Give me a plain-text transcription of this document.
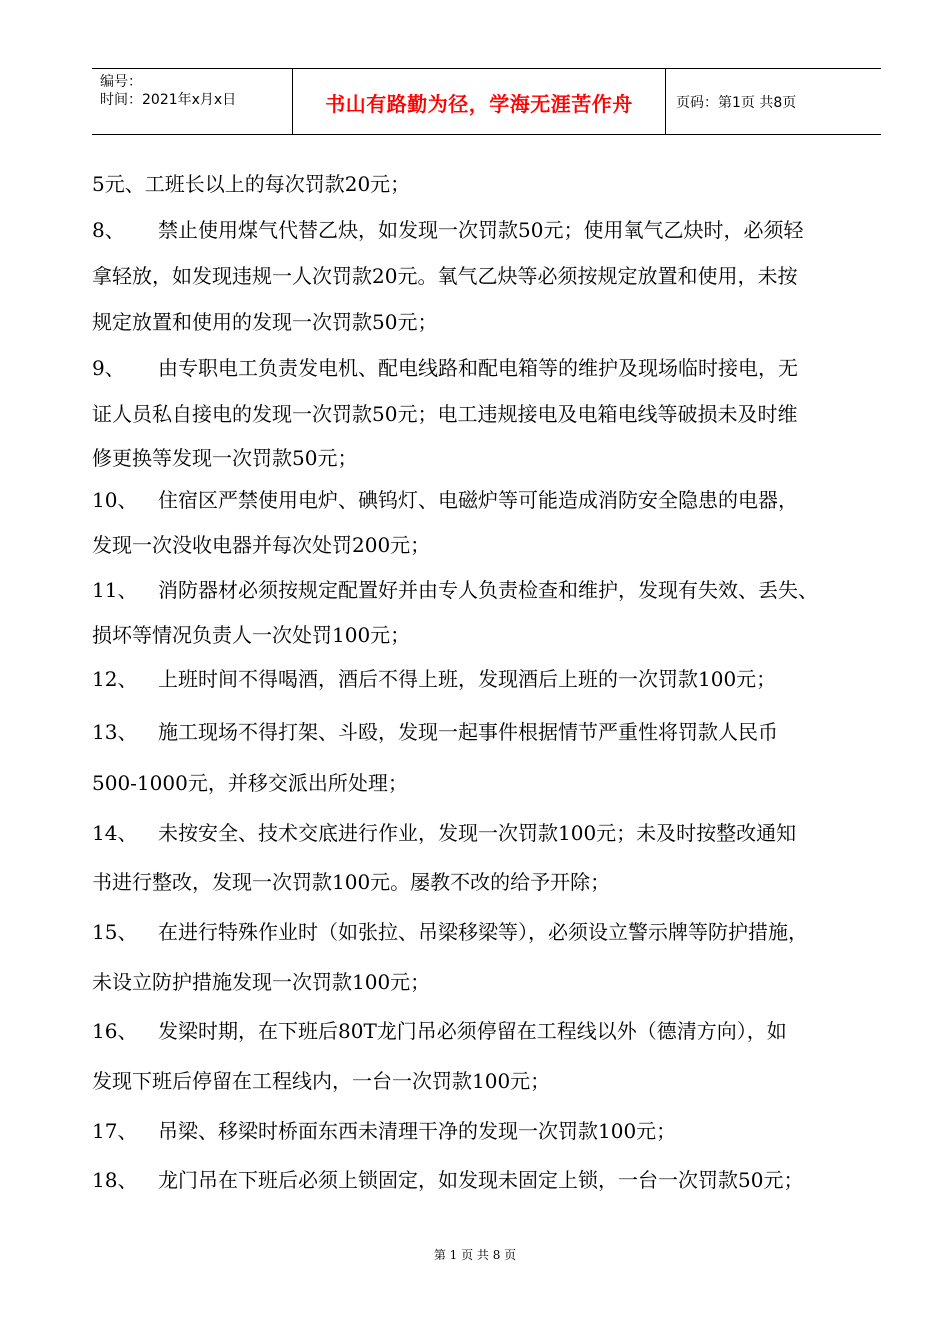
编号：
时间：2021年x月x日	书山有路勤为径，学海无涯苦作舟	页码：第1页 共8页
5元、工班长以上的每次罚款20元；
8、 禁止使用煤气代替乙炔，如发现一次罚款50元；使用氧气乙炔时，必须轻
拿轻放，如发现违规一人次罚款20元。氧气乙炔等必须按规定放置和使用，未按
规定放置和使用的发现一次罚款50元；
9、 由专职电工负责发电机、配电线路和配电箱等的维护及现场临时接电，无
证人员私自接电的发现一次罚款50元；电工违规接电及电箱电线等破损未及时维
修更换等发现一次罚款50元；
10、 住宿区严禁使用电炉、碘钨灯、电磁炉等可能造成消防安全隐患的电器，
发现一次没收电器并每次处罚200元；
11、 消防器材必须按规定配置好并由专人负责检查和维护，发现有失效、丢失、
损坏等情况负责人一次处罚100元；
12、 上班时间不得喝酒，酒后不得上班，发现酒后上班的一次罚款100元；
13、 施工现场不得打架、斗殴，发现一起事件根据情节严重性将罚款人民币
500-1000元，并移交派出所处理；
14、 未按安全、技术交底进行作业，发现一次罚款100元；未及时按整改通知
书进行整改，发现一次罚款100元。屡教不改的给予开除；
15、 在进行特殊作业时（如张拉、吊梁移梁等），必须设立警示牌等防护措施，
未设立防护措施发现一次罚款100元；
16、 发梁时期，在下班后80T龙门吊必须停留在工程线以外（德清方向），如
发现下班后停留在工程线内，一台一次罚款100元；
17、 吊梁、移梁时桥面东西未清理干净的发现一次罚款100元；
18、 龙门吊在下班后必须上锁固定，如发现未固定上锁，一台一次罚款50元；
第 1 页 共 8 页
